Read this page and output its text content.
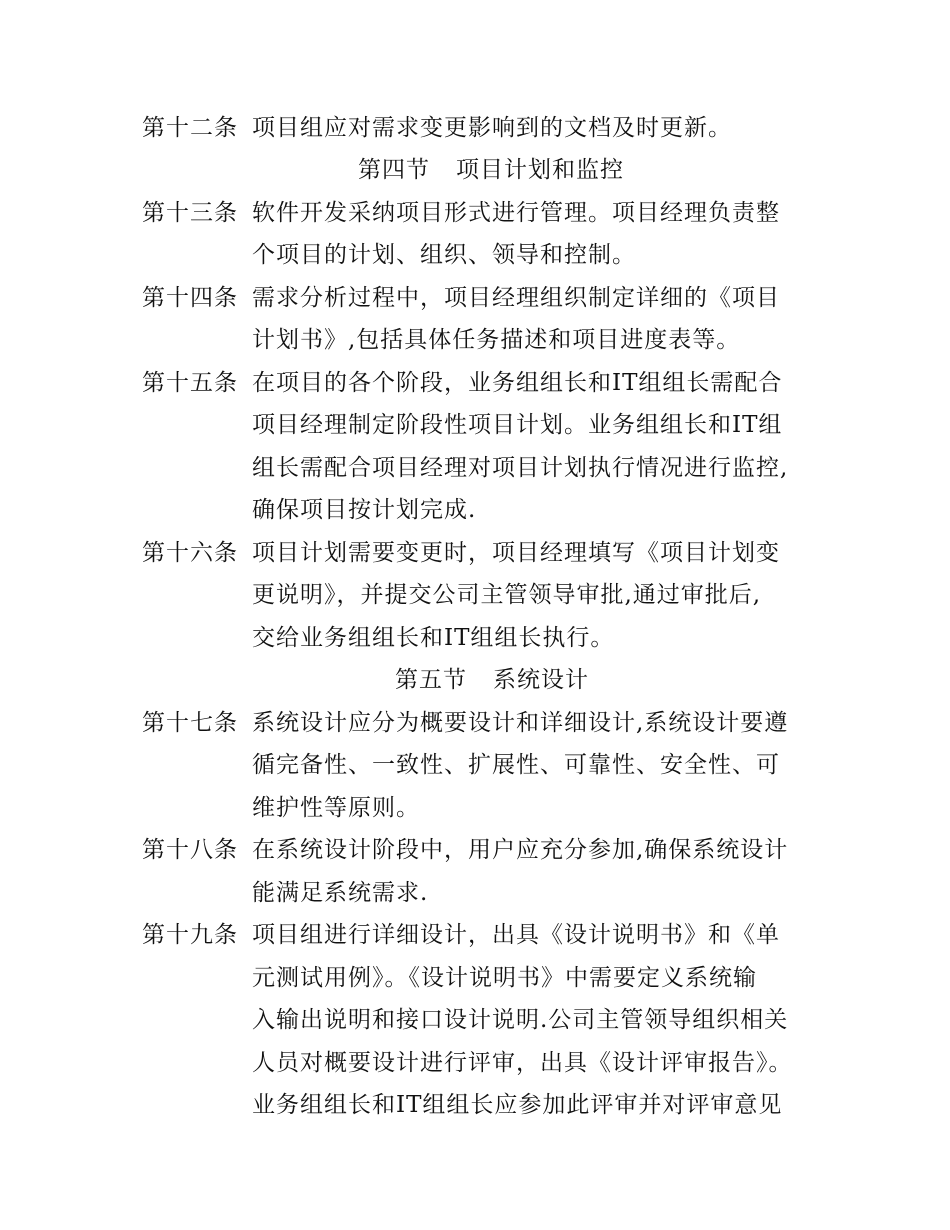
第十二条 项目组应对需求变更影响到的文档及时更新。
第四节 项目计划和监控
第十三条 软件开发采纳项目形式进行管理。项目经理负责整
个项目的计划、组织、领导和控制。
第十四条 需求分析过程中，项目经理组织制定详细的《项目
计划书》,包括具体任务描述和项目进度表等。
第十五条 在项目的各个阶段，业务组组长和IT组组长需配合
项目经理制定阶段性项目计划。业务组组长和IT组
组长需配合项目经理对项目计划执行情况进行监控,
确保项目按计划完成.
第十六条 项目计划需要变更时，项目经理填写《项目计划变
更说明》，并提交公司主管领导审批,通过审批后,
交给业务组组长和IT组组长执行。
第五节 系统设计
第十七条 系统设计应分为概要设计和详细设计,系统设计要遵
循完备性、一致性、扩展性、可靠性、安全性、可
维护性等原则。
第十八条 在系统设计阶段中，用户应充分参加,确保系统设计
能满足系统需求.
第十九条 项目组进行详细设计，出具《设计说明书》和《单
元测试用例》。《设计说明书》中需要定义系统输
入输出说明和接口设计说明.公司主管领导组织相关
人员对概要设计进行评审，出具《设计评审报告》。
业务组组长和IT组组长应参加此评审并对评审意见
